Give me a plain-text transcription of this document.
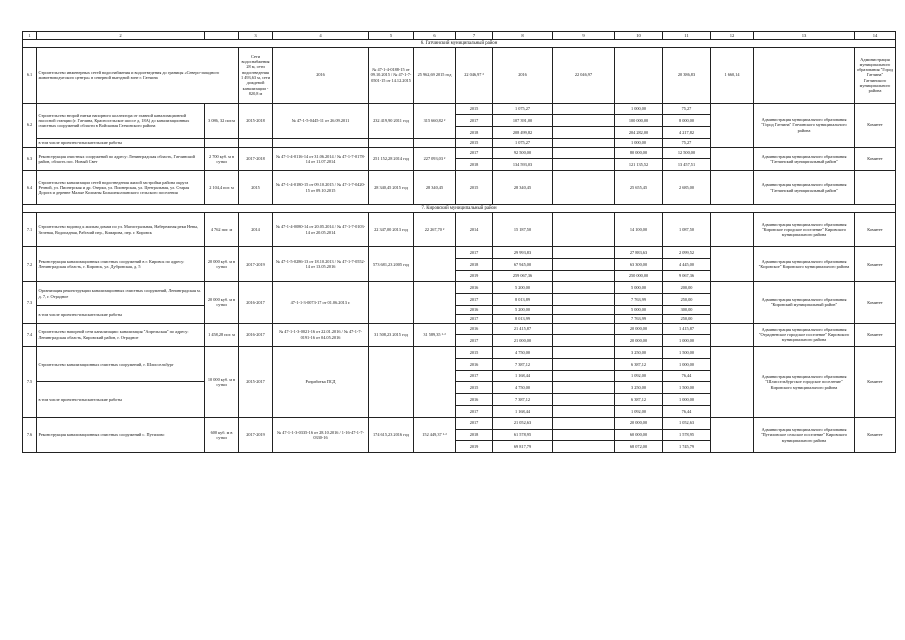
1	2		3	4	5	6	7	8	9	10	11	12	13	14
6. Гатчинский муниципальный район														
6.1	Строительство инженерных сетей водоснабжения и водоотведения до границы «Северо-западного животноводческого центра» в северной выездной зоне г. Гатчина		Сети водоснабжения 28 м, сети водоотведения 1 493,63 м, сети дождевой канализации - 820,8 м	2016	№ 47-1-4-0188-15 от 09.10.2015 / № 47-1-7-0501-15 от 14.12.2015	25 962,69 2015 год	22 046,97 ²	2016	22 046,97		20 386,83	1 660,14		Администрация муниципального образования "Город Гатчина" Гатчинского муниципального района
6.2	Строительство второй нитки напорного коллектора от главной канализационной насосной станции (г. Гатчина, Красносельское шоссе д. 18А) до канализационных очистных сооружений области в Войсковая Гатчинского района	3 086, 32 пог.м	2015-2018	№ 47-1-5-0445-11 от 26.09.2011	232 419,90 2011 год	315 660,82 ²	2015	1 075,27		1 000,00	75,27		Администрация муниципального образования "Город Гатчина" Гатчинского муниципального района	Комитет
							2017	107 391,00		100 000,00	8 000,00			
							2018	208 499,82		204 282,00	4 217,82			
	в том числе проектно-изыскательские работы						2015	1 075,27		1 000,00	75,27			
6.3	Реконструкция очистных сооружений по адресу: Ленинградская область, Гатчинский район, область пос. Новый Свет	2 700 куб. м в сутки	2017-2018	№ 47-1-4-0116-14 от 31.06.2014 / № 47-1-7-0178-14 от 11.07.2014	251 152,28 2014 год	227 093,03 ²	2017	92 500,00		80 000,00	12 500,00		Администрация муниципального образования "Гатчинский муниципальный район"	Комитет
							2018	134 593,03		121 135,52	13 457,51			
6.4	Строительство канализации сетей водоотведения жилой застройки района округа Речной, ул. Пионерская и др. Озерки, ул. Пионерская, ул. Центральная, ул. Старая Дорога и деревне Малые Колпаны Большеколпанского сельского поселения	2 104,4 пог. м	2015	№ 47-1-4-0180-15 от 09.10.2015 / № 47-1-7-0420-15 от 09.10.2015	28 340,45 2015 год	28 340,45	2015	28 340,45		25 655,45	2 685,00		Администрация муниципального образования "Гатчинский муниципальный район"	
7. Кировский муниципальный район														
7.1	Строительство водовод к жилым домам по ул. Магистральная, Набережная реки Невы, Зеленая, Водопадная, Рабочий пер., Комарова, пер. г. Кировск	4 762 пог. м	2014	№ 47-1-4-0080-14 от 20.05.2014 / № 47-1-7-0103-14 от 20.05.2014	22 347,00 2013 год	22 267,70 ²	2014	15 187,50		14 100,00	1 087,50		Администрация муниципального образования "Кировское городское поселение" Кировского муниципального района	Комитет
7.2	Реконструкция канализационных очистных сооружений в г. Кировск по адресу: Ленинградская область, г. Кировск, ул. Дубровская, д. 5	20 000 куб. м в сутки	2017-2019	№ 47-1-5-0286-13 от 18.10.2013 / № 47-1-7-0552-14 от 13.05.2016	573 681,23 2005 год		2017	29 993,83		27 883,63	2 099,52		Администрация муниципального образования "Кировское" Кировского муниципального района	Комитет
							2018	67 945,00		63 300,00	4 445,00			
							2019	259 067,36		250 000,00	9 067,36			
7.3	Организация реконструкции канализационных очистных сооружений, Ленинградская м. д. 7, г. Отрадное	20 000 куб. м в сутки	2016-2017	47-1-1-3-0073-17 от 01.06.2013 г.			2016	5 200,00		5 000,00	200,00		Администрация муниципального образования "Кировский муниципальный район"	Комитет
							2017	8 013,89		7 763,99	250,00			
	в том числе проектно-изыскательские работы						2016	5 200,00		5 000,00	300,00			
							2017	8 013,99		7 763,99	250,00			
7.4	Строительство напорной сети канализации: канализация "Апрельская" по адресу: Ленинградская область, Кировский район, г. Отрадное	1 458,28 пог. м	2016-2017	№ 47-1-1-3-0021-16 от 22.01.2016 / № 47-1-7-0191-16 от 04.05.2016	31 508,23 2015 год	31 589,35 ¹·²	2016	21 415,87		20 000,00	1 415,87		Администрация муниципального образования "Отрадненское городское поселение" Кировского муниципального района	Комитет
							2017	21 000,00		20 000,00	1 000,00			
7.5	Строительство канализационных очистных сооружений, г. Шлиссельбург	10 000 куб. м в сутки	2015-2017	Разработка ПСД			2015	4 750,00		3 250,00	1 500,00		Администрация муниципального образования "Шлиссельбургское городское поселение" Кировского муниципального района	Комитет
							2016	7 387,12		6 387,12	1 000,00			
							2017	1 168,44		1 092,00	76,44			
	в том числе проектно-изыскательские работы						2015	4 750,00		3 250,00	1 500,00			
							2016	7 387,12		6 387,12	1 000,00			
							2017	1 168,44		1 092,00	76,44			
7.6	Реконструкция канализационных очистных сооружений с. Путилово	600 куб. м в сутки	2017-2019	№ 47-1-1-3-0335-16 от 28.10.2016 / 1-16-47-1-7-0330-16	174 615,23 2016 год	152 449,37 ¹·²	2017	21 052,63		20 000,00	1 052,63		Администрация муниципального образования "Путиловское сельское поселение" Кировского муниципального района	Комитет
							2018	61 578,95		60 000,00	1 578,95			
							2019	69 817,79		68 072,00	1 745,79			
